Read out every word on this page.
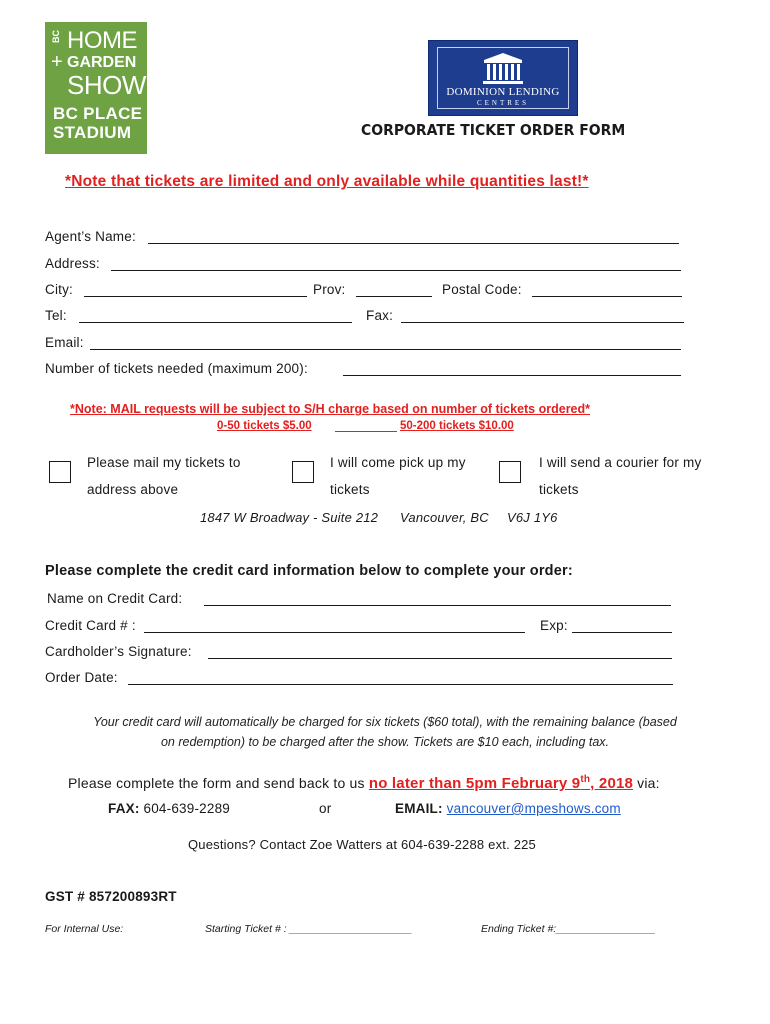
BC HOME
+ GARDEN
SHOW
BC PLACE
STADIUM
DOMINION LENDING
CENTRES
CORPORATE TICKET ORDER FORM
*Note that tickets are limited and only available while quantities last!*
Agent’s Name:
Address:
City:	Prov:	Postal Code:
Tel:	Fax:
Email:
Number of tickets needed (maximum 200):
*Note: MAIL requests will be subject to S/H charge based on number of tickets ordered*
0-50 tickets $5.00	50-200 tickets $10.00
Please mail my tickets to
address above
I will come pick up my
tickets
I will send a courier for my
tickets
1847 W Broadway - Suite 212 Vancouver, BC V6J 1Y6
Please complete the credit card information below to complete your order:
Name on Credit Card:
Credit Card # :	Exp:
Cardholder’s Signature:
Order Date:
Your credit card will automatically be charged for six tickets ($60 total), with the remaining balance (based
on redemption) to be charged after the show. Tickets are $10 each, including tax.
Please complete the form and send back to us no later than 5pm February 9th, 2018 via:
FAX: 604-639-2289	or	EMAIL: vancouver@mpeshows.com
Questions? Contact Zoe Watters at 604-639-2288 ext. 225
GST # 857200893RT
For Internal Use:	Starting Ticket # : _____________________	Ending Ticket #:_________________
